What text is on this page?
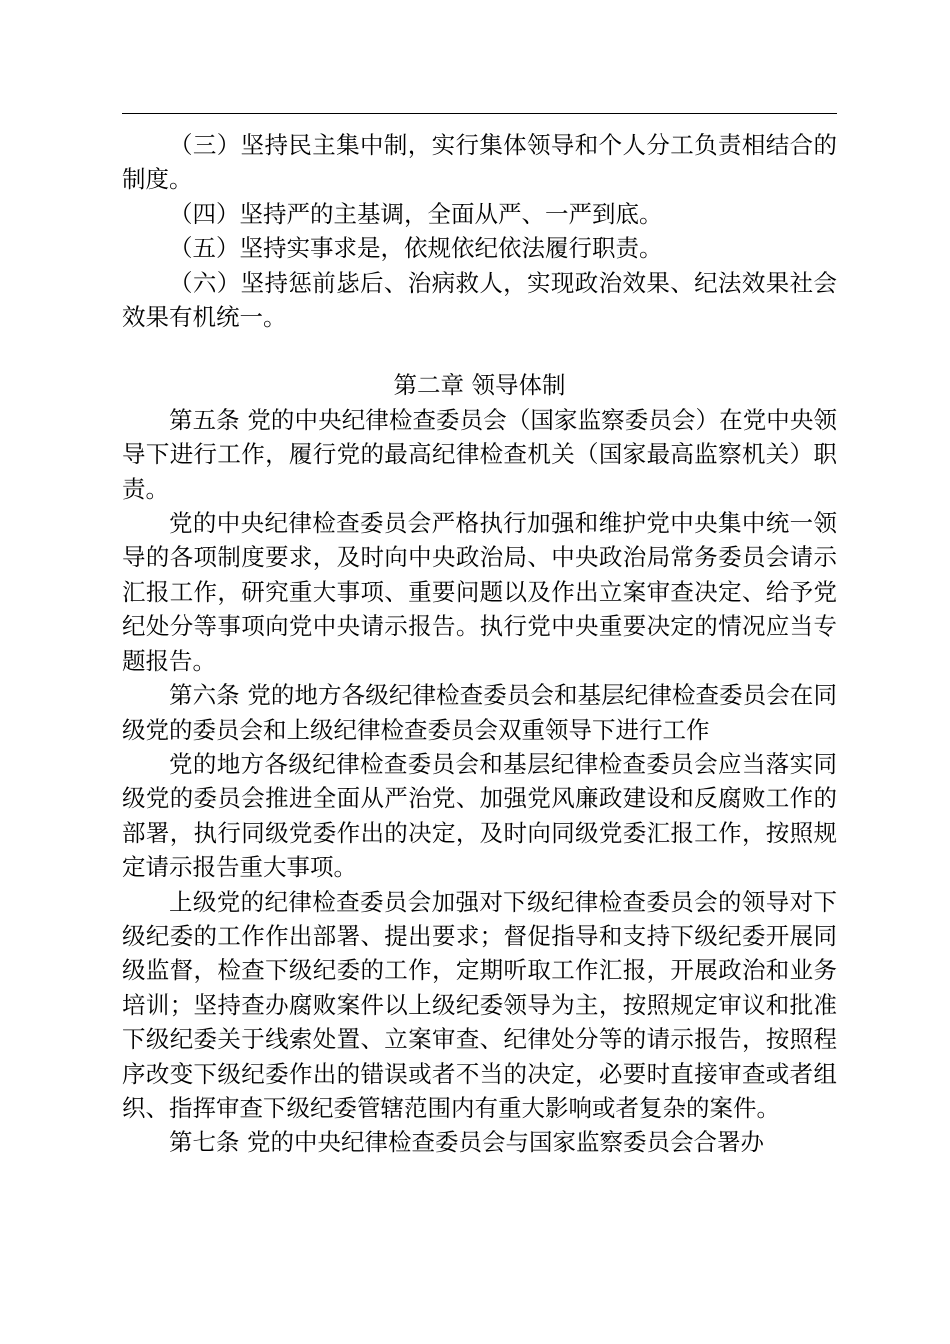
（三）坚持民主集中制，实行集体领导和个人分工负责相结合的制度。

（四）坚持严的主基调，全面从严、一严到底。

（五）坚持实事求是，依规依纪依法履行职责。

（六）坚持惩前毖后、治病救人，实现政治效果、纪法效果社会效果有机统一。

第二章 领导体制

第五条 党的中央纪律检查委员会（国家监察委员会）在党中央领导下进行工作，履行党的最高纪律检查机关（国家最高监察机关）职责。

党的中央纪律检查委员会严格执行加强和维护党中央集中统一领导的各项制度要求，及时向中央政治局、中央政治局常务委员会请示汇报工作，研究重大事项、重要问题以及作出立案审查决定、给予党纪处分等事项向党中央请示报告。执行党中央重要决定的情况应当专题报告。

第六条 党的地方各级纪律检查委员会和基层纪律检查委员会在同级党的委员会和上级纪律检查委员会双重领导下进行工作

党的地方各级纪律检查委员会和基层纪律检查委员会应当落实同级党的委员会推进全面从严治党、加强党风廉政建设和反腐败工作的部署，执行同级党委作出的决定，及时向同级党委汇报工作，按照规定请示报告重大事项。

上级党的纪律检查委员会加强对下级纪律检查委员会的领导对下级纪委的工作作出部署、提出要求；督促指导和支持下级纪委开展同级监督，检查下级纪委的工作，定期听取工作汇报，开展政治和业务培训；坚持查办腐败案件以上级纪委领导为主，按照规定审议和批准下级纪委关于线索处置、立案审查、纪律处分等的请示报告，按照程序改变下级纪委作出的错误或者不当的决定，必要时直接审查或者组织、指挥审查下级纪委管辖范围内有重大影响或者复杂的案件。

第七条 党的中央纪律检查委员会与国家监察委员会合署办
